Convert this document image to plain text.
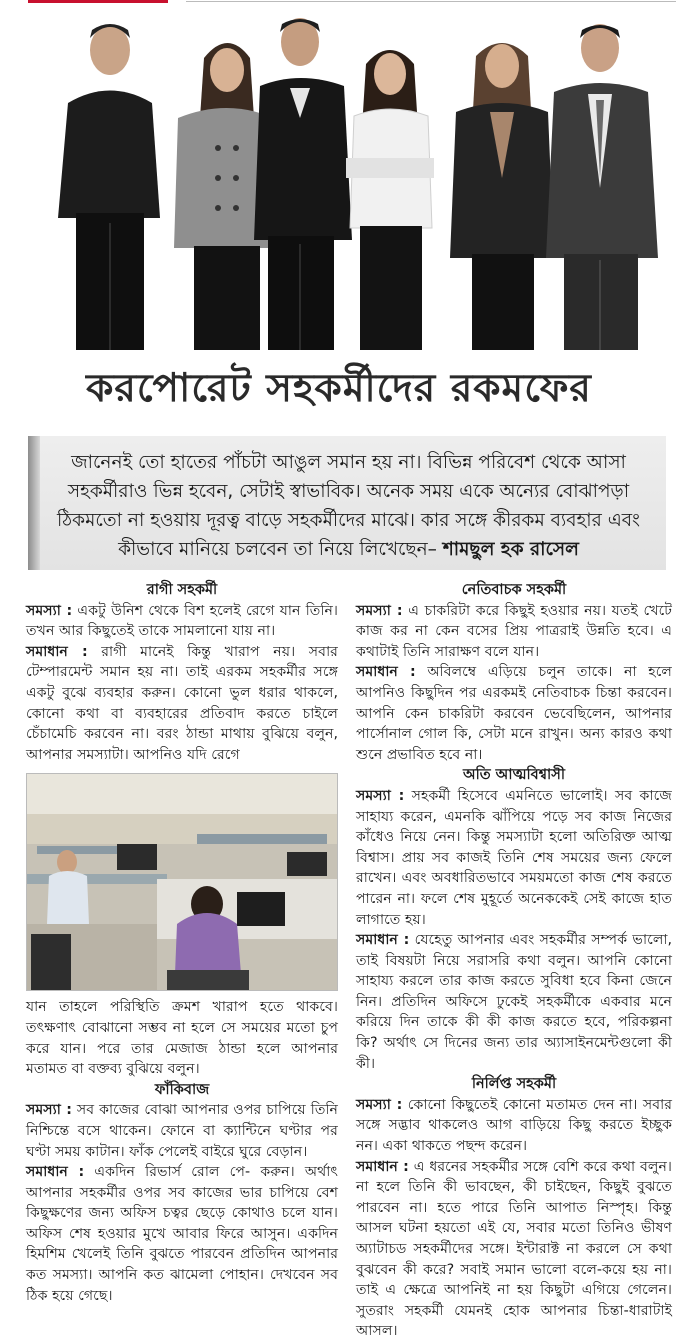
করপোরেট সহকর্মীদের রকমফের

জানেনই তো হাতের পাঁচটা আঙুল সমান হয় না। বিভিন্ন পরিবেশ থেকে আসা সহকর্মীরাও ভিন্ন হবেন, সেটাই স্বাভাবিক। অনেক সময় একে অন্যের বোঝাপড়া ঠিকমতো না হওয়ায় দূরত্ব বাড়ে সহকর্মীদের মাঝে। কার সঙ্গে কীরকম ব্যবহার এবং কীভাবে মানিয়ে চলবেন তা নিয়ে লিখেছেন– শামছুল হক রাসেল

রাগী সহকর্মী

সমস্যা : একটু উনিশ থেকে বিশ হলেই রেগে যান তিনি। তখন আর কিছুতেই তাকে সামলানো যায় না।

সমাধান : রাগী মানেই কিন্তু খারাপ নয়। সবার টেম্পারমেন্ট সমান হয় না। তাই এরকম সহকর্মীর সঙ্গে একটু বুঝে ব্যবহার করুন। কোনো ভুল ধরার থাকলে, কোনো কথা বা ব্যবহারের প্রতিবাদ করতে চাইলে চেঁচামেচি করবেন না। বরং ঠান্ডা মাথায় বুঝিয়ে বলুন, আপনার সমস্যাটা। আপনিও যদি রেগে

যান তাহলে পরিস্থিতি ক্রমশ খারাপ হতে থাকবে। তৎক্ষণাৎ বোঝানো সম্ভব না হলে সে সময়ের মতো চুপ করে যান। পরে তার মেজাজ ঠান্ডা হলে আপনার মতামত বা বক্তব্য বুঝিয়ে বলুন।

ফাঁকিবাজ

সমস্যা : সব কাজের বোঝা আপনার ওপর চাপিয়ে তিনি নিশ্চিন্তে বসে থাকেন। ফোনে বা ক্যান্টিনে ঘণ্টার পর ঘণ্টা সময় কাটান। ফাঁক পেলেই বাইরে ঘুরে বেড়ান।

সমাধান : একদিন রিভার্স রোল পে- করুন। অর্থাৎ আপনার সহকর্মীর ওপর সব কাজের ভার চাপিয়ে বেশ কিছুক্ষণের জন্য অফিস চত্বর ছেড়ে কোথাও চলে যান। অফিস শেষ হওয়ার মুখে আবার ফিরে আসুন। একদিন হিমশিম খেলেই তিনি বুঝতে পারবেন প্রতিদিন আপনার কত সমস্যা। আপনি কত ঝামেলা পোহান। দেখবেন সব ঠিক হয়ে গেছে।

নেতিবাচক সহকর্মী

সমস্যা : এ চাকরিটা করে কিছুই হওয়ার নয়। যতই খেটে কাজ কর না কেন বসের প্রিয় পাত্ররাই উন্নতি হবে। এ কথাটাই তিনি সারাক্ষণ বলে যান।

সমাধান : অবিলম্বে এড়িয়ে চলুন তাকে। না হলে আপনিও কিছুদিন পর এরকমই নেতিবাচক চিন্তা করবেন। আপনি কেন চাকরিটা করবেন ভেবেছিলেন, আপনার পার্সোনাল গোল কি, সেটা মনে রাখুন। অন্য কারও কথা শুনে প্রভাবিত হবে না।

অতি আত্মবিশ্বাসী

সমস্যা : সহকর্মী হিসেবে এমনিতে ভালোই। সব কাজে সাহায্য করেন, এমনকি ঝাঁপিয়ে পড়ে সব কাজ নিজের কাঁধেও নিয়ে নেন। কিন্তু সমস্যাটা হলো অতিরিক্ত আত্ম বিশ্বাস। প্রায় সব কাজই তিনি শেষ সময়ের জন্য ফেলে রাখেন। এবং অবধারিতভাবে সময়মতো কাজ শেষ করতে পারেন না। ফলে শেষ মুহূর্তে অনেককেই সেই কাজে হাত লাগাতে হয়।

সমাধান : যেহেতু আপনার এবং সহকর্মীর সম্পর্ক ভালো, তাই বিষয়টা নিয়ে সরাসরি কথা বলুন। আপনি কোনো সাহায্য করলে তার কাজ করতে সুবিধা হবে কিনা জেনে নিন। প্রতিদিন অফিসে ঢুকেই সহকর্মীকে একবার মনে করিয়ে দিন তাকে কী কী কাজ করতে হবে, পরিকল্পনা কি? অর্থাৎ সে দিনের জন্য তার অ্যাসাইনমেন্টগুলো কী কী।

নির্লিপ্ত সহকর্মী

সমস্যা : কোনো কিছুতেই কোনো মতামত দেন না। সবার সঙ্গে সদ্ভাব থাকলেও আগ বাড়িয়ে কিছু করতে ইচ্ছুক নন। একা থাকতে পছন্দ করেন।

সমাধান : এ ধরনের সহকর্মীর সঙ্গে বেশি করে কথা বলুন। না হলে তিনি কী ভাবছেন, কী চাইছেন, কিছুই বুঝতে পারবেন না। হতে পারে তিনি আপাত নিস্পৃহ। কিন্তু আসল ঘটনা হয়তো এই যে, সবার মতো তিনিও ভীষণ অ্যাটাচড সহকর্মীদের সঙ্গে। ইন্টারাক্ট না করলে সে কথা বুঝবেন কী করে? সবাই সমান ভালো বলে-কয়ে হয় না। তাই এ ক্ষেত্রে আপনিই না হয় কিছুটা এগিয়ে গেলেন। সুতরাং সহকর্মী যেমনই হোক আপনার চিন্তা-ধারাটাই আসল।
